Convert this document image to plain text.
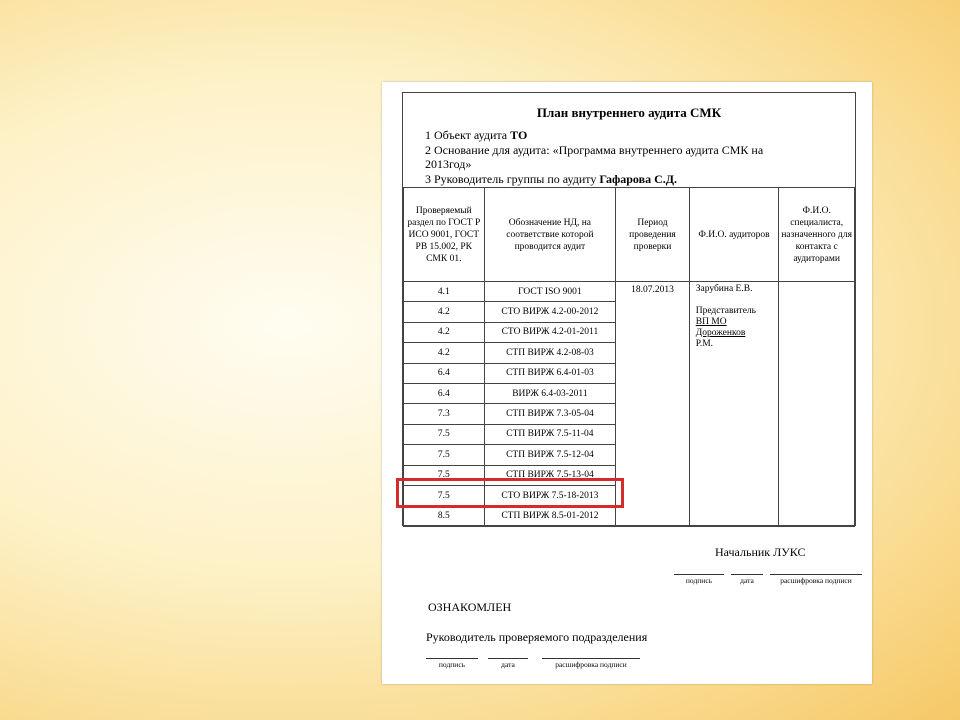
План внутреннего аудита СМК
1 Объект аудита ТО
2 Основание для аудита: «Программа внутреннего аудита СМК на
2013год»
3 Руководитель группы по аудиту Гафарова С.Д.
Проверяемый раздел по ГОСТ Р ИСО 9001, ГОСТ РВ 15.002, РК СМК 01.	Обозначение НД, на соответствие которой проводится аудит	Период проведения проверки	Ф.И.О. аудиторов	Ф.И.О. специалиста, назначенного для контакта с аудиторами
4.1	ГОСТ ISO 9001	18.07.2013	Зарубина Е.В.
Представитель
ВП МО
Дороженков
Р.М.	

4.2	СТО ВИРЖ 4.2-00-2012			
4.2	СТО ВИРЖ 4.2-01-2011			
4.2	СТП ВИРЖ 4.2-08-03			
6.4	СТП ВИРЖ 6.4-01-03			
6.4	ВИРЖ 6.4-03-2011			
7.3	СТП ВИРЖ 7.3-05-04			
7.5	СТП ВИРЖ 7.5-11-04			
7.5	СТП ВИРЖ 7.5-12-04			
7.5	СТП ВИРЖ 7.5-13-04			
7.5	СТО ВИРЖ 7.5-18-2013			
8.5	СТП ВИРЖ 8.5-01-2012			
Начальник ЛУКС
подпись	дата	расшифровка подписи
ОЗНАКОМЛЕН
Руководитель проверяемого подразделения
подпись	дата	расшифровка подписи
